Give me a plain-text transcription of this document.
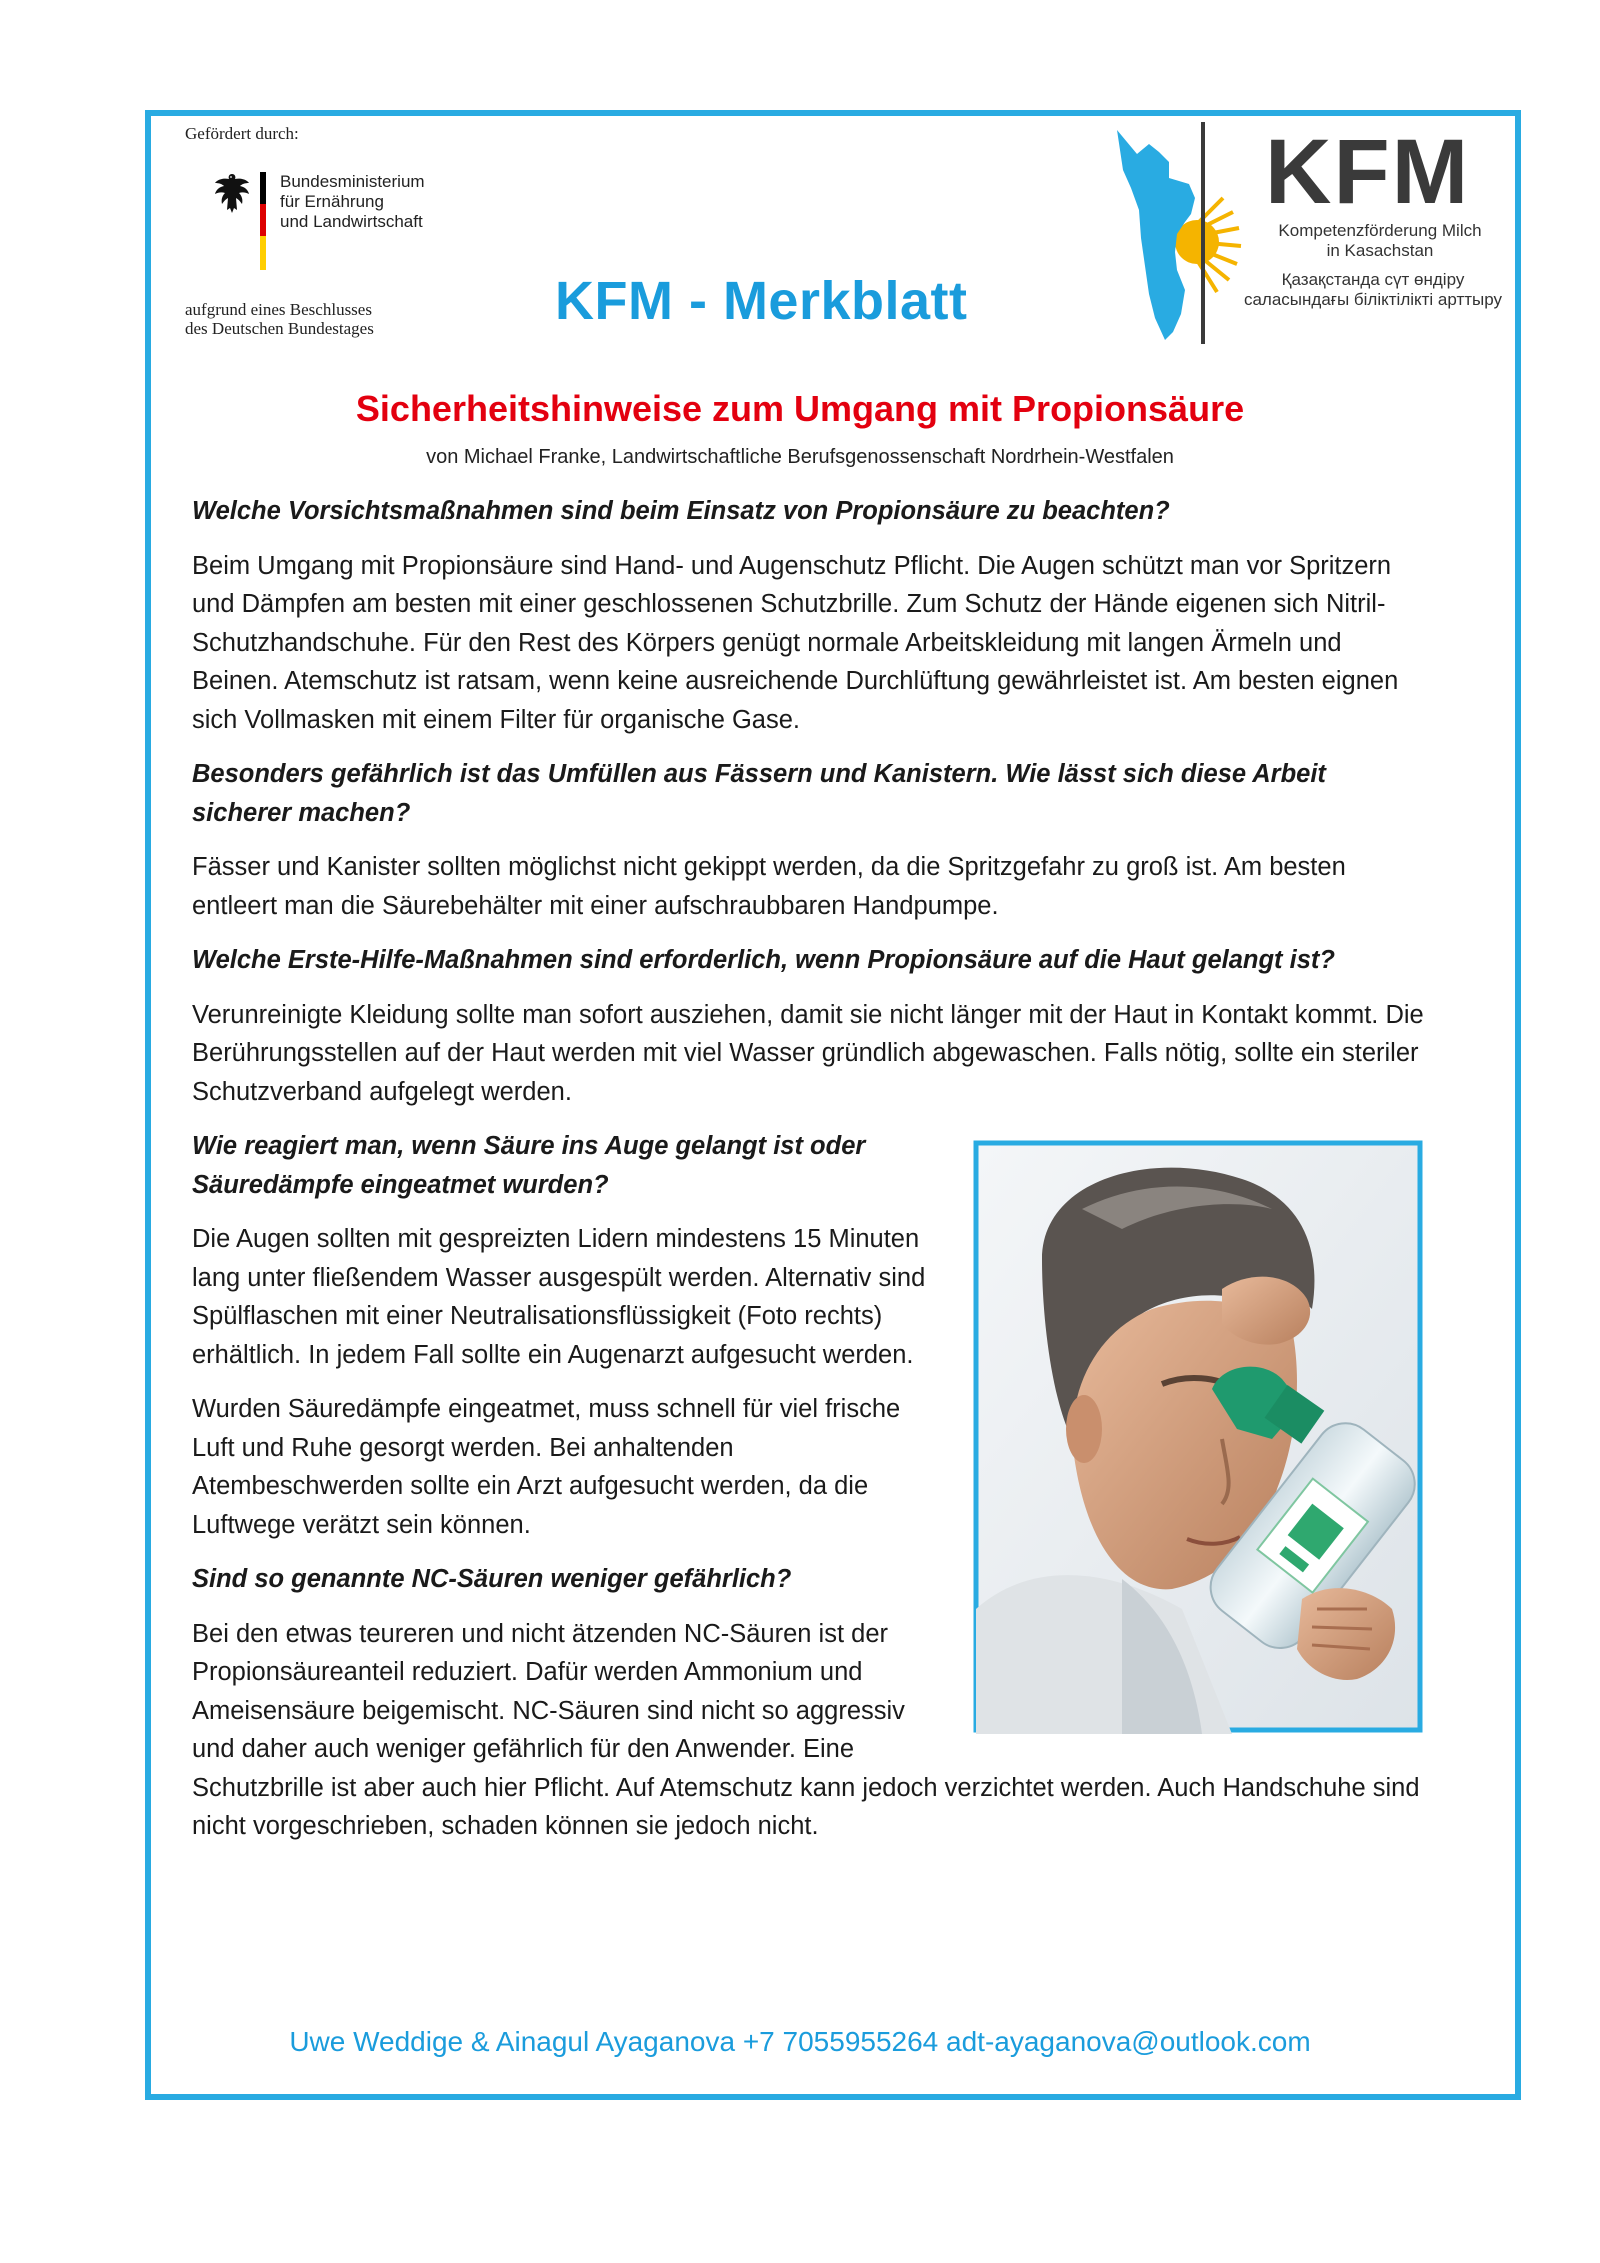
Gefördert durch:
Bundesministerium
für Ernährung
und Landwirtschaft
aufgrund eines Beschlusses
des Deutschen Bundestages	KFM - Merkblatt
KFM
Kompetenzförderung Milch
in Kasachstan
Қазақстанда сүт өндіру
саласындағы біліктілікті арттыру
Sicherheitshinweise zum Umgang mit Propionsäure
von Michael Franke, Landwirtschaftliche Berufsgenossenschaft Nordrhein-Westfalen

Welche Vorsichtsmaßnahmen sind beim Einsatz von Propionsäure zu beachten?

Beim Umgang mit Propionsäure sind Hand- und Augenschutz Pflicht. Die Augen schützt man vor Spritzern und Dämpfen am besten mit einer geschlossenen Schutzbrille. Zum Schutz der Hände eigenen sich Nitril-Schutzhandschuhe. Für den Rest des Körpers genügt normale Arbeitskleidung mit langen Ärmeln und Beinen. Atemschutz ist ratsam, wenn keine ausreichende Durchlüftung gewährleistet ist. Am besten eignen sich Vollmasken mit einem Filter für organische Gase.

Besonders gefährlich ist das Umfüllen aus Fässern und Kanistern. Wie lässt sich diese Arbeit sicherer machen?

Fässer und Kanister sollten möglichst nicht gekippt werden, da die Spritzgefahr zu groß ist. Am besten entleert man die Säurebehälter mit einer aufschraubbaren Handpumpe.

Welche Erste-Hilfe-Maßnahmen sind erforderlich, wenn Propionsäure auf die Haut gelangt ist?

Verunreinigte Kleidung sollte man sofort ausziehen, damit sie nicht länger mit der Haut in Kontakt kommt. Die Berührungsstellen auf der Haut werden mit viel Wasser gründlich abgewaschen. Falls nötig, sollte ein steriler Schutzverband aufgelegt werden.

Wie reagiert man, wenn Säure ins Auge gelangt ist oder Säuredämpfe eingeatmet wurden?

Die Augen sollten mit gespreizten Lidern mindestens 15 Minuten lang unter fließendem Wasser ausgespült werden. Alternativ sind Spülflaschen mit einer Neutralisationsflüssigkeit (Foto rechts) erhältlich. In jedem Fall sollte ein Augenarzt aufgesucht werden.

Wurden Säuredämpfe eingeatmet, muss schnell für viel frische Luft und Ruhe gesorgt werden. Bei anhaltenden Atembeschwerden sollte ein Arzt aufgesucht werden, da die Luftwege verätzt sein können.

Sind so genannte NC-Säuren weniger gefährlich?

Bei den etwas teureren und nicht ätzenden NC-Säuren ist der Propionsäureanteil reduziert. Dafür werden Ammonium und Ameisensäure beigemischt. NC-Säuren sind nicht so aggressiv und daher auch weniger gefährlich für den Anwender. Eine Schutzbrille ist aber auch hier Pflicht. Auf Atemschutz kann jedoch verzichtet werden. Auch Handschuhe sind nicht vorgeschrieben, schaden können sie jedoch nicht.

Uwe Weddige & Ainagul Ayaganova +7 7055955264 adt-ayaganova@outlook.com
